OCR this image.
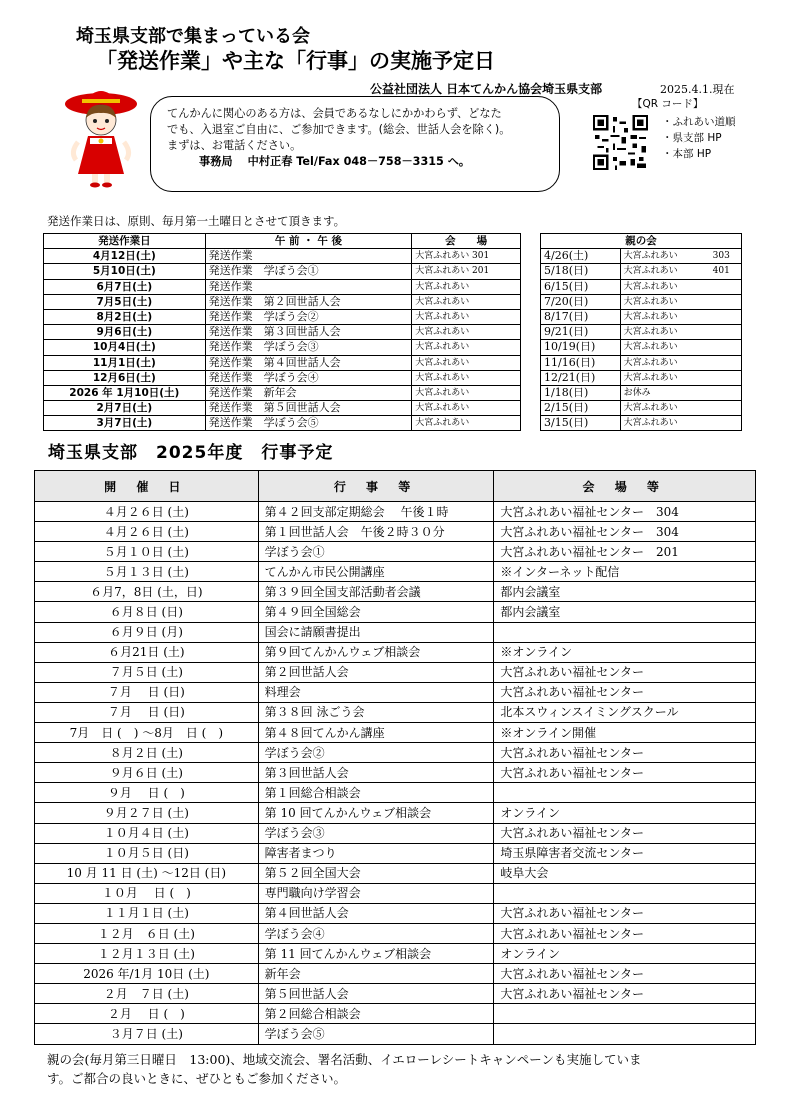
埼玉県支部で集まっている会
「発送作業」や主な「行事」の実施予定日
公益社団法人 日本てんかん協会埼玉県支部	2025.4.1.現在
てんかんに関心のある方は、会員であるなしにかかわらず、どなた
でも、入退室ご自由に、ご参加できます。(総会、世話人会を除く)。
まずは、お電話ください。
事務局　 中村正春 Tel/Fax 048－758－3315 へ。
【QR コード】
・ふれあい道順
・県支部 HP
・本部 HP
発送作業日は、原則、毎月第一土曜日とさせて頂きます。
発送作業日	午 前 ・ 午 後	会　　場
4月12日(土)	発送作業	大宮ふれあい 301
5月10日(土)	発送作業　学ぼう会①	大宮ふれあい 201
6月7日(土)	発送作業	大宮ふれあい
7月5日(土)	発送作業　第２回世話人会	大宮ふれあい
8月2日(土)	発送作業　学ぼう会②	大宮ふれあい
9月6日(土)	発送作業　第３回世話人会	大宮ふれあい
10月4日(土)	発送作業　学ぼう会③	大宮ふれあい
11月1日(土)	発送作業　第４回世話人会	大宮ふれあい
12月6日(土)	発送作業　学ぼう会④	大宮ふれあい
2026 年 1月10日(土)	発送作業　新年会	大宮ふれあい
2月7日(土)	発送作業　第５回世話人会	大宮ふれあい
3月7日(土)	発送作業　学ぼう会⑤	大宮ふれあい
親の会		
4/26(土)	大宮ふれあい	303
5/18(日)	大宮ふれあい	401
6/15(日)	大宮ふれあい	
7/20(日)	大宮ふれあい	
8/17(日)	大宮ふれあい	
9/21(日)	大宮ふれあい	
10/19(日)	大宮ふれあい	
11/16(日)	大宮ふれあい	
12/21(日)	大宮ふれあい	
1/18(日)	お休み	
2/15(日)	大宮ふれあい	
3/15(日)	大宮ふれあい	
埼玉県支部　2025年度　行事予定
開 催 日	行 事 等	会 場 等
４月２６日 (土)	第４２回支部定期総会　 午後１時	大宮ふれあい福祉センター　304
４月２６日 (土)	第１回世話人会　午後２時３０分	大宮ふれあい福祉センター　304
５月１０日 (土)	学ぼう会①	大宮ふれあい福祉センター　201
５月１３日 (土)	てんかん市民公開講座	※インターネット配信
６月7，8日 (土，日)	第３９回全国支部活動者会議	都内会議室
６月８日 (日)	第４９回全国総会	都内会議室
６月９日 (月)	国会に請願書提出	
６月21日 (土)	第９回てんかんウェブ相談会	※オンライン
７月５日 (土)	第２回世話人会	大宮ふれあい福祉センター
７月　 日 (日)	料理会	大宮ふれあい福祉センター
７月　 日 (日)	第３８回 泳ごう会	北本スウィンスイミングスクール
7月　日 (　) ～8月　日 (　)	第４８回てんかん講座	※オンライン開催
８月２日 (土)	学ぼう会②	大宮ふれあい福祉センター
９月６日 (土)	第３回世話人会	大宮ふれあい福祉センター
９月　 日 (　)	第１回総合相談会	
９月２７日 (土)	第 10 回てんかんウェブ相談会	オンライン
１０月４日 (土)	学ぼう会③	大宮ふれあい福祉センター
１０月５日 (日)	障害者まつり	埼玉県障害者交流センター
10 月 11 日 (土) ～12日 (日)	第５２回全国大会	岐阜大会
１０月　 日 (　)	専門職向け学習会	
１１月１日 (土)	第４回世話人会	大宮ふれあい福祉センター
１２月　６日 (土)	学ぼう会④	大宮ふれあい福祉センター
１２月１３日 (土)	第 11 回てんかんウェブ相談会	オンライン
2026 年/1月 10日 (土)	新年会	大宮ふれあい福祉センター
２月　７日 (土)	第５回世話人会	大宮ふれあい福祉センター
２月　 日 (　)	第２回総合相談会	
３月７日 (土)	学ぼう会⑤	
親の会(毎月第三日曜日　13:00)、地域交流会、署名活動、イエローレシートキャンペーンも実施していま
す。ご都合の良いときに、ぜひともご参加ください。
